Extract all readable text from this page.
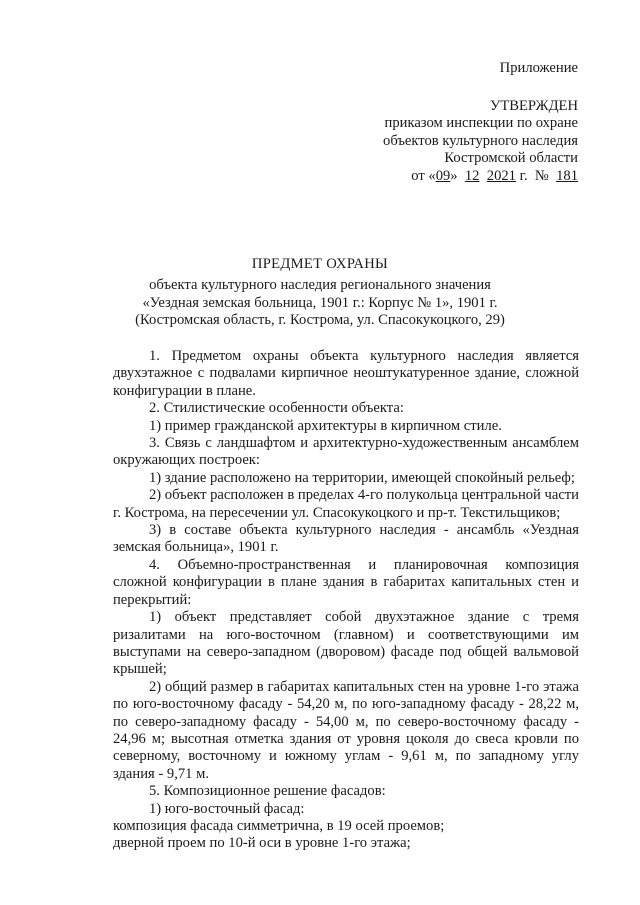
Приложение
УТВЕРЖДЕН
приказом инспекции по охране
объектов культурного наследия
Костромской области
от «09»  12 2021 г.  №  181
ПРЕДМЕТ ОХРАНЫ
объекта культурного наследия регионального значения
«Уездная земская больница, 1901 г.: Корпус № 1», 1901 г.
(Костромская область, г. Кострома, ул. Спасокукоцкого, 29)

1. Предметом охраны объекта культурного наследия является двухэтажное с подвалами кирпичное неоштукатуренное здание, сложной конфигурации в плане.

2. Стилистические особенности объекта:

1) пример гражданской архитектуры в кирпичном стиле.

3. Связь с ландшафтом и архитектурно-художественным ансамблем окружающих построек:

1) здание расположено на территории, имеющей спокойный рельеф;

2) объект расположен в пределах 4-го полукольца центральной части г. Кострома, на пересечении ул. Спасокукоцкого и пр-т. Текстильщиков;

3) в составе объекта культурного наследия - ансамбль «Уездная земская больница», 1901 г.

4. Объемно-пространственная и планировочная композиция сложной конфигурации в плане здания в габаритах капитальных стен и перекрытий:

1) объект представляет собой двухэтажное здание с тремя ризалитами на юго-восточном (главном) и соответствующими им выступами на северо-западном (дворовом) фасаде под общей вальмовой крышей;

2) общий размер в габаритах капитальных стен на уровне 1-го этажа по юго-восточному фасаду - 54,20 м, по юго-западному фасаду - 28,22 м, по северо-западному фасаду - 54,00 м, по северо-восточному фасаду - 24,96 м; высотная отметка здания от уровня цоколя до свеса кровли по северному, восточному и южному углам - 9,61 м, по западному углу здания - 9,71 м.

5. Композиционное решение фасадов:

1) юго-восточный фасад:

композиция фасада симметрична, в 19 осей проемов;

дверной проем по 10-й оси в уровне 1-го этажа;
